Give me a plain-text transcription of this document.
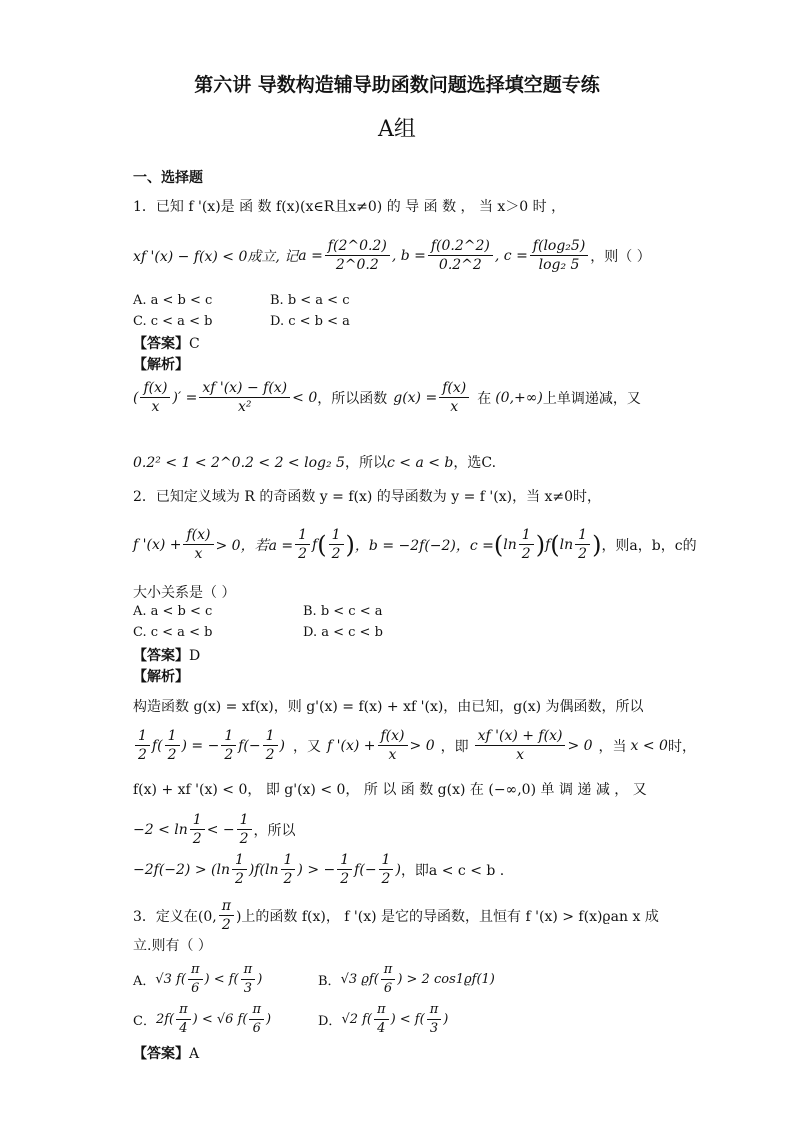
第六讲 导数构造辅导助函数问题选择填空题专练
A组
一、选择题
1．已知 f '(x)是 函 数 f(x)(x∈R且x≠0) 的 导 函 数 ， 当 x＞0 时 ，
xf '(x) − f(x) < 0成立, 记 $a = \frac{f(2\^{}0.2)}{2\^{}0.2}$ , $b = \frac{f(0.2\^{}2)}{0.2\^{}2}$ , $c = \frac{\text{f(log₂5)}}{\text{log₂ 5}}$ ，则（ ）
A. a < b < c	B. b < a < c
C. c < a < b	D. c < b < a
【答案】C
【解析】
( $\frac{f(x)}{x}$ )′ = $\frac{xf '(x) - f(x)}{\text{x²}} < 0$ ，所以函数 $g(x) = \frac{f(x)}{x}$ 在 (0,+∞) 上单调递减，又
0.2² < 1 < 2^0.2 < 2 < log₂ 5，所以c < a < b，选C.
2．已知定义域为 R 的奇函数 y = f(x) 的导函数为 y = f '(x)，当 x≠0时，
f '$(x) + \frac{f(x)}{x} > 0$，若$a = \frac{1}{2}$ f ( $\frac{1}{2}$ ) ，b = −2f(−2)，c = ( $\ln \frac{1}{2}$ ) f ( $\ln \frac{1}{2}$ ) ，则a，b，c的
大小关系是（ ）
A. a < b < c	B. b < c < a
C. c < a < b	D. a < c < b
【答案】D
【解析】
构造函数 g(x) = xf(x)，则 g'(x) = f(x) + xf '(x)，由已知，g(x) 为偶函数，所以
$\frac{1}{2} f( \frac{1}{2}$ ) = − $\frac{1}{2} f(- \frac{1}{2}$ ) ，又 f '$(x) + \frac{f(x)}{x} > 0$ ，即 $\frac{xf '(x) + f(x)}{x} > 0$ ，当 x < 0 时，
f(x) + xf '(x) < 0， 即 g'(x) < 0， 所 以 函 数 g(x) 在 (−∞,0) 单 调 递 减 ， 又
$-2 < \ln \frac{1}{2}$ < − $\frac{1}{2}$ ，所以
$-2f(-2) > (\ln \frac{1}{2} )f(\ln \frac{1}{2}$ ) > − $\frac{1}{2} f(- \frac{1}{2}$ ) ，即a < c < b .
3．定义在(0, $\frac{\pi}{2}$ )上的函数 f(x)， f '(x) 是它的导函数，且恒有 f '(x) > f(x)ϱan x 成
立.则有（ ）
A． √3 $f( \frac{\pi}{6}$ ) < $f( \frac{\pi}{3}$ )	B． √3 $ϱf( \frac{\pi}{6}$ ) > 2 cos1ϱf(1)
C． $2f( \frac{\pi}{4}$ ) < √6 $f( \frac{\pi}{6}$ )	D． √2 $f( \frac{\pi}{4}$ ) < $f( \frac{\pi}{3}$ )
【答案】A
